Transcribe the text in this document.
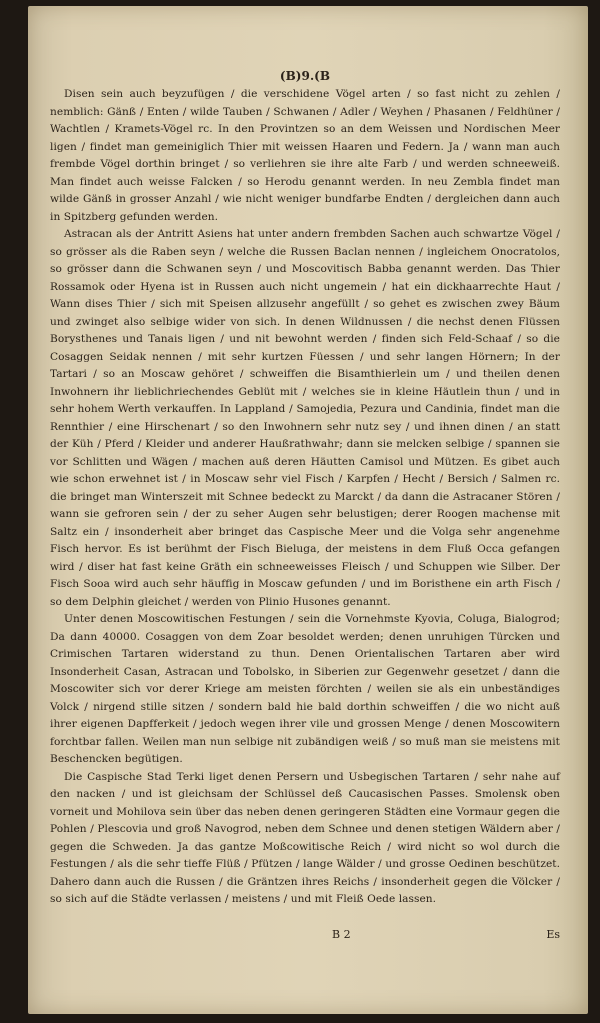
(B)9.(B

Disen sein auch beyzufügen / die verschidene Vögel arten / so fast nicht zu zehlen / nemblich: Gänß / Enten / wilde Tauben / Schwanen / Adler / Weyhen / Phasanen / Feldhüner / Wachtlen / Kramets-Vögel rc. In den Provintzen so an dem Weissen und Nordischen Meer ligen / findet man gemeiniglich Thier mit weissen Haaren und Federn. Ja / wann man auch frembde Vögel dorthin bringet / so verliehren sie ihre alte Farb / und werden schneeweiß. Man findet auch weisse Falcken / so Herodu genannt werden. In neu Zembla findet man wilde Gänß in grosser Anzahl / wie nicht weniger bundfarbe Endten / dergleichen dann auch in Spitzberg gefunden werden.

Astracan als der Antritt Asiens hat unter andern frembden Sachen auch schwartze Vögel / so grösser als die Raben seyn / welche die Russen Baclan nennen / ingleichem Onocratolos, so grösser dann die Schwanen seyn / und Moscovitisch Babba genannt werden. Das Thier Rossamok oder Hyena ist in Russen auch nicht ungemein / hat ein dickhaarrechte Haut / Wann dises Thier / sich mit Speisen allzusehr angefüllt / so gehet es zwischen zwey Bäum und zwinget also selbige wider von sich. In denen Wildnussen / die nechst denen Flüssen Borysthenes und Tanais ligen / und nit bewohnt werden / finden sich Feld-Schaaf / so die Cosaggen Seidak nennen / mit sehr kurtzen Füessen / und sehr langen Hörnern; In der Tartari / so an Moscaw gehöret / schweiffen die Bisamthierlein um / und theilen denen Inwohnern ihr lieblichriechendes Geblüt mit / welches sie in kleine Häutlein thun / und in sehr hohem Werth verkauffen. In Lappland / Samojedia, Pezura und Candinia, findet man die Rennthier / eine Hirschenart / so den Inwohnern sehr nutz sey / und ihnen dinen / an statt der Küh / Pferd / Kleider und anderer Haußrathwahr; dann sie melcken selbige / spannen sie vor Schlitten und Wägen / machen auß deren Häutten Camisol und Mützen. Es gibet auch wie schon erwehnet ist / in Moscaw sehr viel Fisch / Karpfen / Hecht / Bersich / Salmen rc. die bringet man Winterszeit mit Schnee bedeckt zu Marckt / da dann die Astracaner Stören / wann sie gefroren sein / der zu seher Augen sehr belustigen; derer Roogen machense mit Saltz ein / insonderheit aber bringet das Caspische Meer und die Volga sehr angenehme Fisch hervor. Es ist berühmt der Fisch Bieluga, der meistens in dem Fluß Occa gefangen wird / diser hat fast keine Gräth ein schneeweisses Fleisch / und Schuppen wie Silber. Der Fisch Sooa wird auch sehr häuffig in Moscaw gefunden / und im Boristhene ein arth Fisch / so dem Delphin gleichet / werden von Plinio Husones genannt.

Unter denen Moscowitischen Festungen / sein die Vornehmste Kyovia, Coluga, Bialogrod; Da dann 40000. Cosaggen von dem Zoar besoldet werden; denen unruhigen Türcken und Crimischen Tartaren widerstand zu thun. Denen Orientalischen Tartaren aber wird Insonderheit Casan, Astracan und Tobolsko, in Siberien zur Gegenwehr gesetzet / dann die Moscowiter sich vor derer Kriege am meisten förchten / weilen sie als ein unbeständiges Volck / nirgend stille sitzen / sondern bald hie bald dorthin schweiffen / die wo nicht auß ihrer eigenen Dapfferkeit / jedoch wegen ihrer vile und grossen Menge / denen Moscowitern forchtbar fallen. Weilen man nun selbige nit zubändigen weiß / so muß man sie meistens mit Beschencken begütigen.

Die Caspische Stad Terki liget denen Persern und Usbegischen Tartaren / sehr nahe auf den nacken / und ist gleichsam der Schlüssel deß Caucasischen Passes. Smolensk oben vorneit und Mohilova sein über das neben denen geringeren Städten eine Vormaur gegen die Pohlen / Plescovia und groß Navogrod, neben dem Schnee und denen stetigen Wäldern aber / gegen die Schweden. Ja das gantze Moßcowitische Reich / wird nicht so wol durch die Festungen / als die sehr tieffe Flüß / Pfützen / lange Wälder / und grosse Oedinen beschützet. Dahero dann auch die Russen / die Gräntzen ihres Reichs / insonderheit gegen die Völcker / so sich auf die Städte verlassen / meistens / und mit Fleiß Oede lassen.

B 2	Es
